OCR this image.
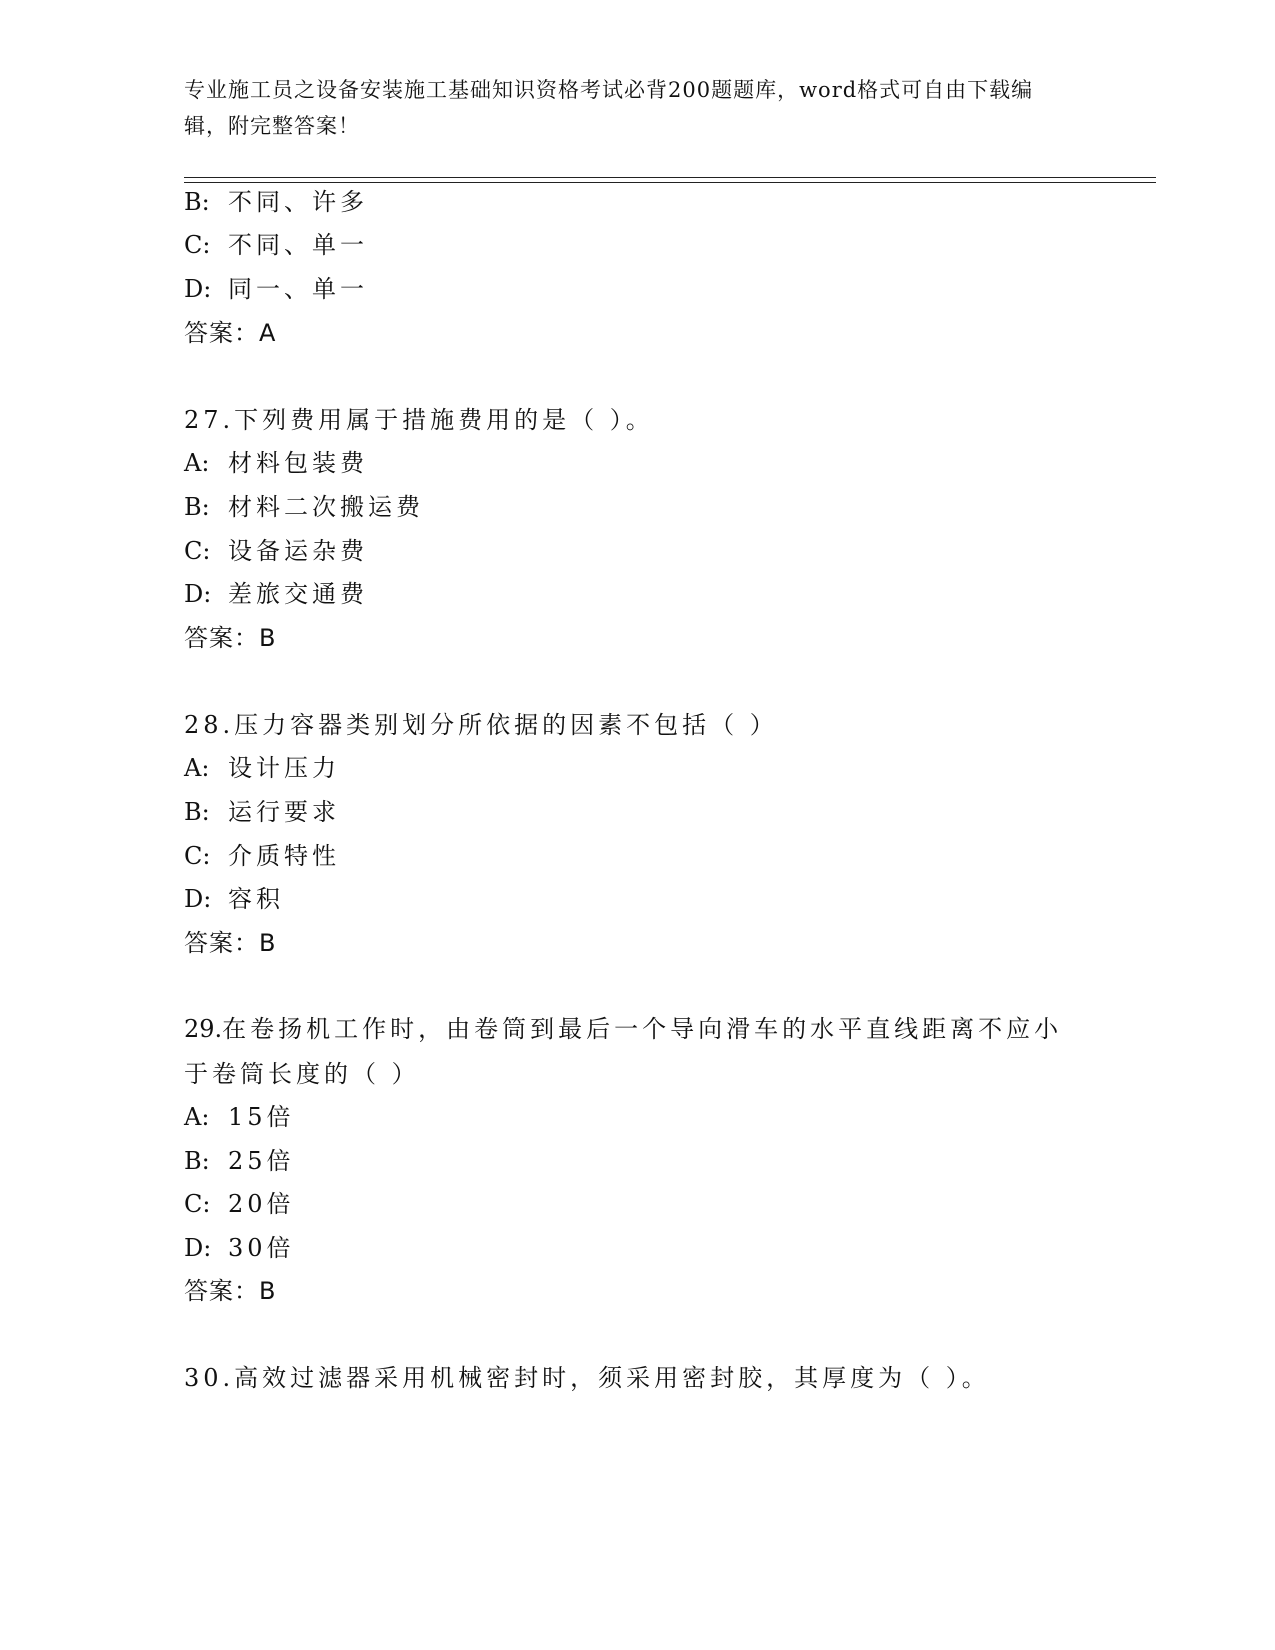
专业施工员之设备安装施工基础知识资格考试必背200题题库，word格式可自由下载编辑，附完整答案！
B: 不同、许多
C: 不同、单一
D: 同一、单一
答案：A
27.下列费用属于措施费用的是（ ）。
A: 材料包装费
B: 材料二次搬运费
C: 设备运杂费
D: 差旅交通费
答案：B
28.压力容器类别划分所依据的因素不包括（ ）
A: 设计压力
B: 运行要求
C: 介质特性
D: 容积
答案：B
29.在卷扬机工作时，由卷筒到最后一个导向滑车的水平直线距离不应小于卷筒长度的（ ）
A: 15倍
B: 25倍
C: 20倍
D: 30倍
答案：B
30.高效过滤器采用机械密封时，须采用密封胶，其厚度为（ ）。
